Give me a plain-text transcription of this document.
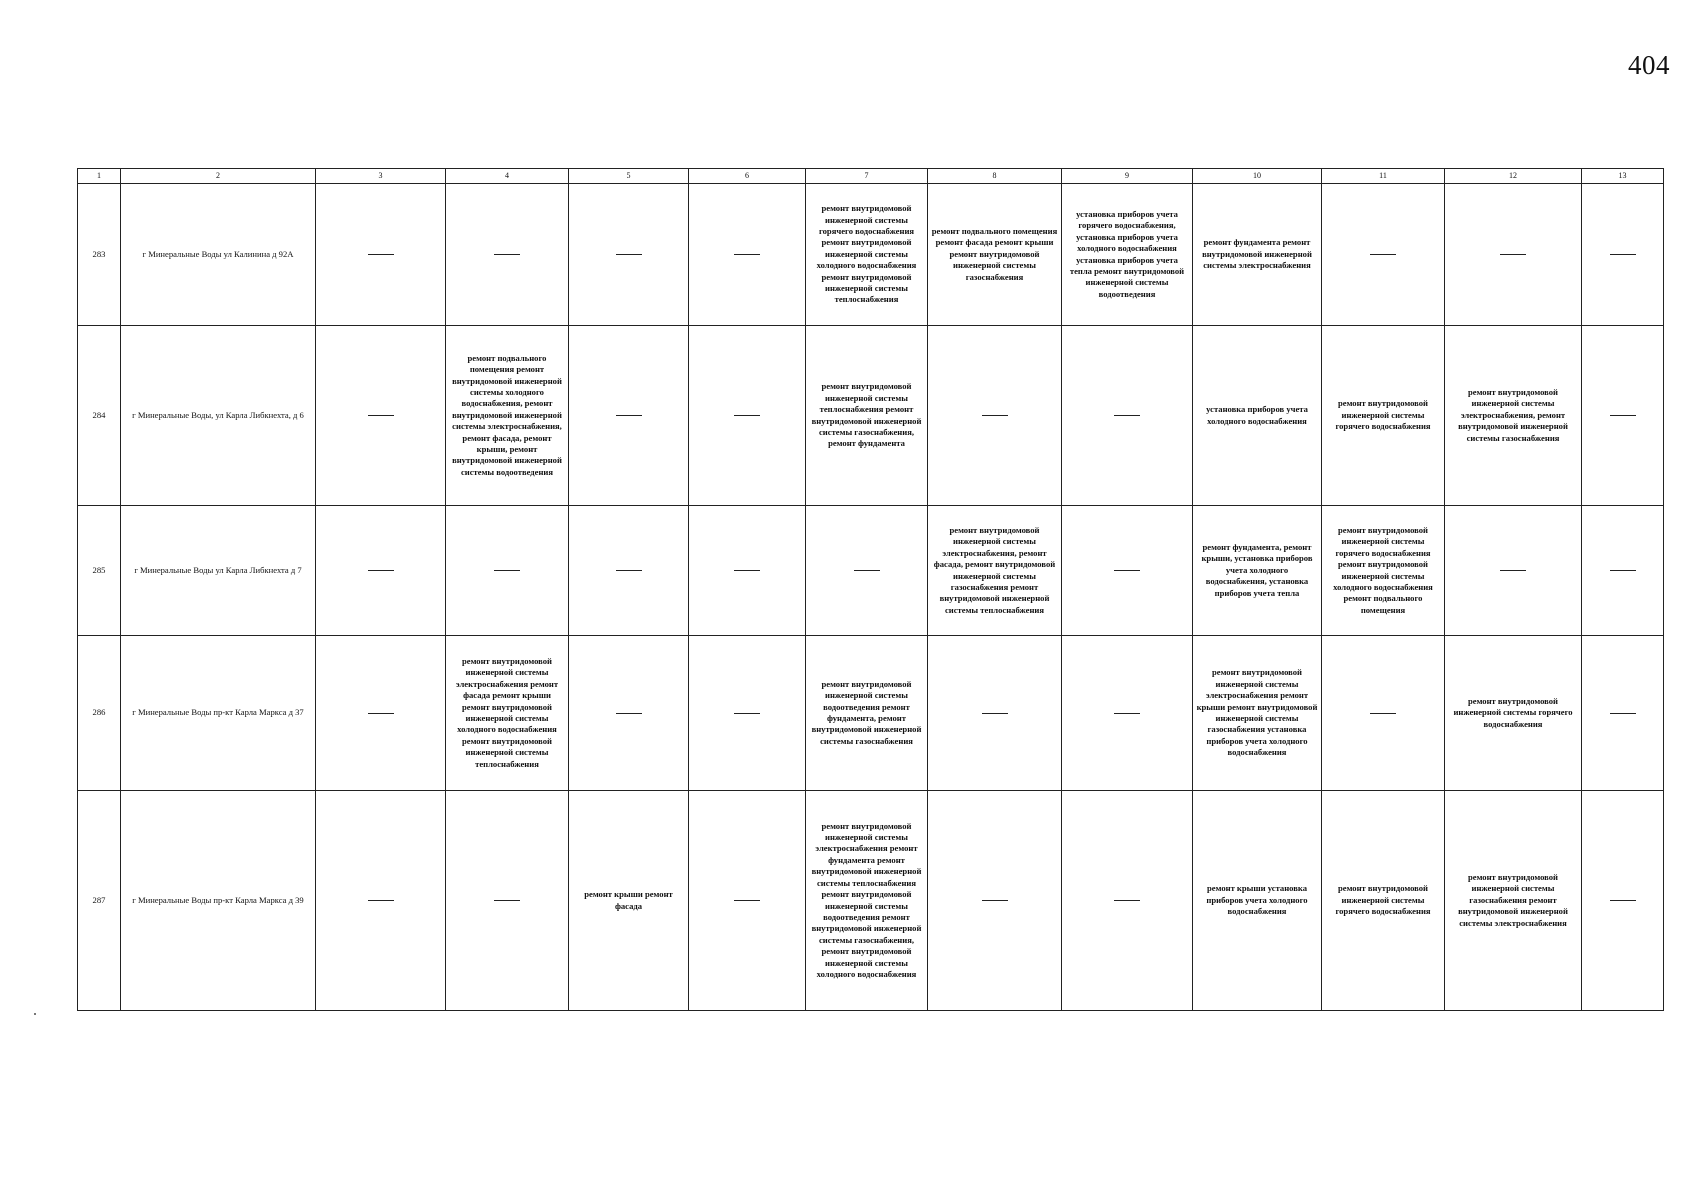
404
1	2	3	4	5	6	7	8	9	10	11	12	13
283	г Минеральные Воды ул Калинина д 92А					ремонт внутридомовой инженерной системы горячего водоснабжения ремонт внутридомовой инженерной системы холодного водоснабжения ремонт внутридомовой инженерной системы теплоснабжения	ремонт подвального помещения ремонт фасада ремонт крыши ремонт внутридомовой инженерной системы газоснабжения	установка приборов учета горячего водоснабжения, установка приборов учета холодного водоснабжения установка приборов учета тепла ремонт внутридомовой инженерной системы водоотведения	ремонт фундамента ремонт внутридомовой инженерной системы электроснабжения			
284	г Минеральные Воды, ул Карла Либкнехта, д 6		ремонт подвального помещения ремонт внутридомовой инженерной системы холодного водоснабжения, ремонт внутридомовой инженерной системы электроснабжения, ремонт фасада, ремонт крыши, ремонт внутридомовой инженерной системы водоотведения			ремонт внутридомовой инженерной системы теплоснабжения ремонт внутридомовой инженерной системы газоснабжения, ремонт фундамента			установка приборов учета холодного водоснабжения	ремонт внутридомовой инженерной системы горячего водоснабжения	ремонт внутридомовой инженерной системы электроснабжения, ремонт внутридомовой инженерной системы газоснабжения	
285	г Минеральные Воды ул Карла Либкнехта д 7						ремонт внутридомовой инженерной системы электроснабжения, ремонт фасада, ремонт внутридомовой инженерной системы газоснабжения ремонт внутридомовой инженерной системы теплоснабжения		ремонт фундамента, ремонт крыши, установка приборов учета холодного водоснабжения, установка приборов учета тепла	ремонт внутридомовой инженерной системы горячего водоснабжения ремонт внутридомовой инженерной системы холодного водоснабжения ремонт подвального помещения		
286	г Минеральные Воды пр-кт Карла Маркса д 37		ремонт внутридомовой инженерной системы электроснабжения ремонт фасада ремонт крыши ремонт внутридомовой инженерной системы холодного водоснабжения ремонт внутридомовой инженерной системы теплоснабжения			ремонт внутридомовой инженерной системы водоотведения ремонт фундамента, ремонт внутридомовой инженерной системы газоснабжения			ремонт внутридомовой инженерной системы электроснабжения ремонт крыши ремонт внутридомовой инженерной системы газоснабжения установка приборов учета холодного водоснабжения		ремонт внутридомовой инженерной системы горячего водоснабжения	
287	г Минеральные Воды пр-кт Карла Маркса д 39			ремонт крыши ремонт фасада		ремонт внутридомовой инженерной системы электроснабжения ремонт фундамента ремонт внутридомовой инженерной системы теплоснабжения ремонт внутридомовой инженерной системы водоотведения ремонт внутридомовой инженерной системы газоснабжения, ремонт внутридомовой инженерной системы холодного водоснабжения			ремонт крыши установка приборов учета холодного водоснабжения	ремонт внутридомовой инженерной системы горячего водоснабжения	ремонт внутридомовой инженерной системы газоснабжения ремонт внутридомовой инженерной системы электроснабжения	
